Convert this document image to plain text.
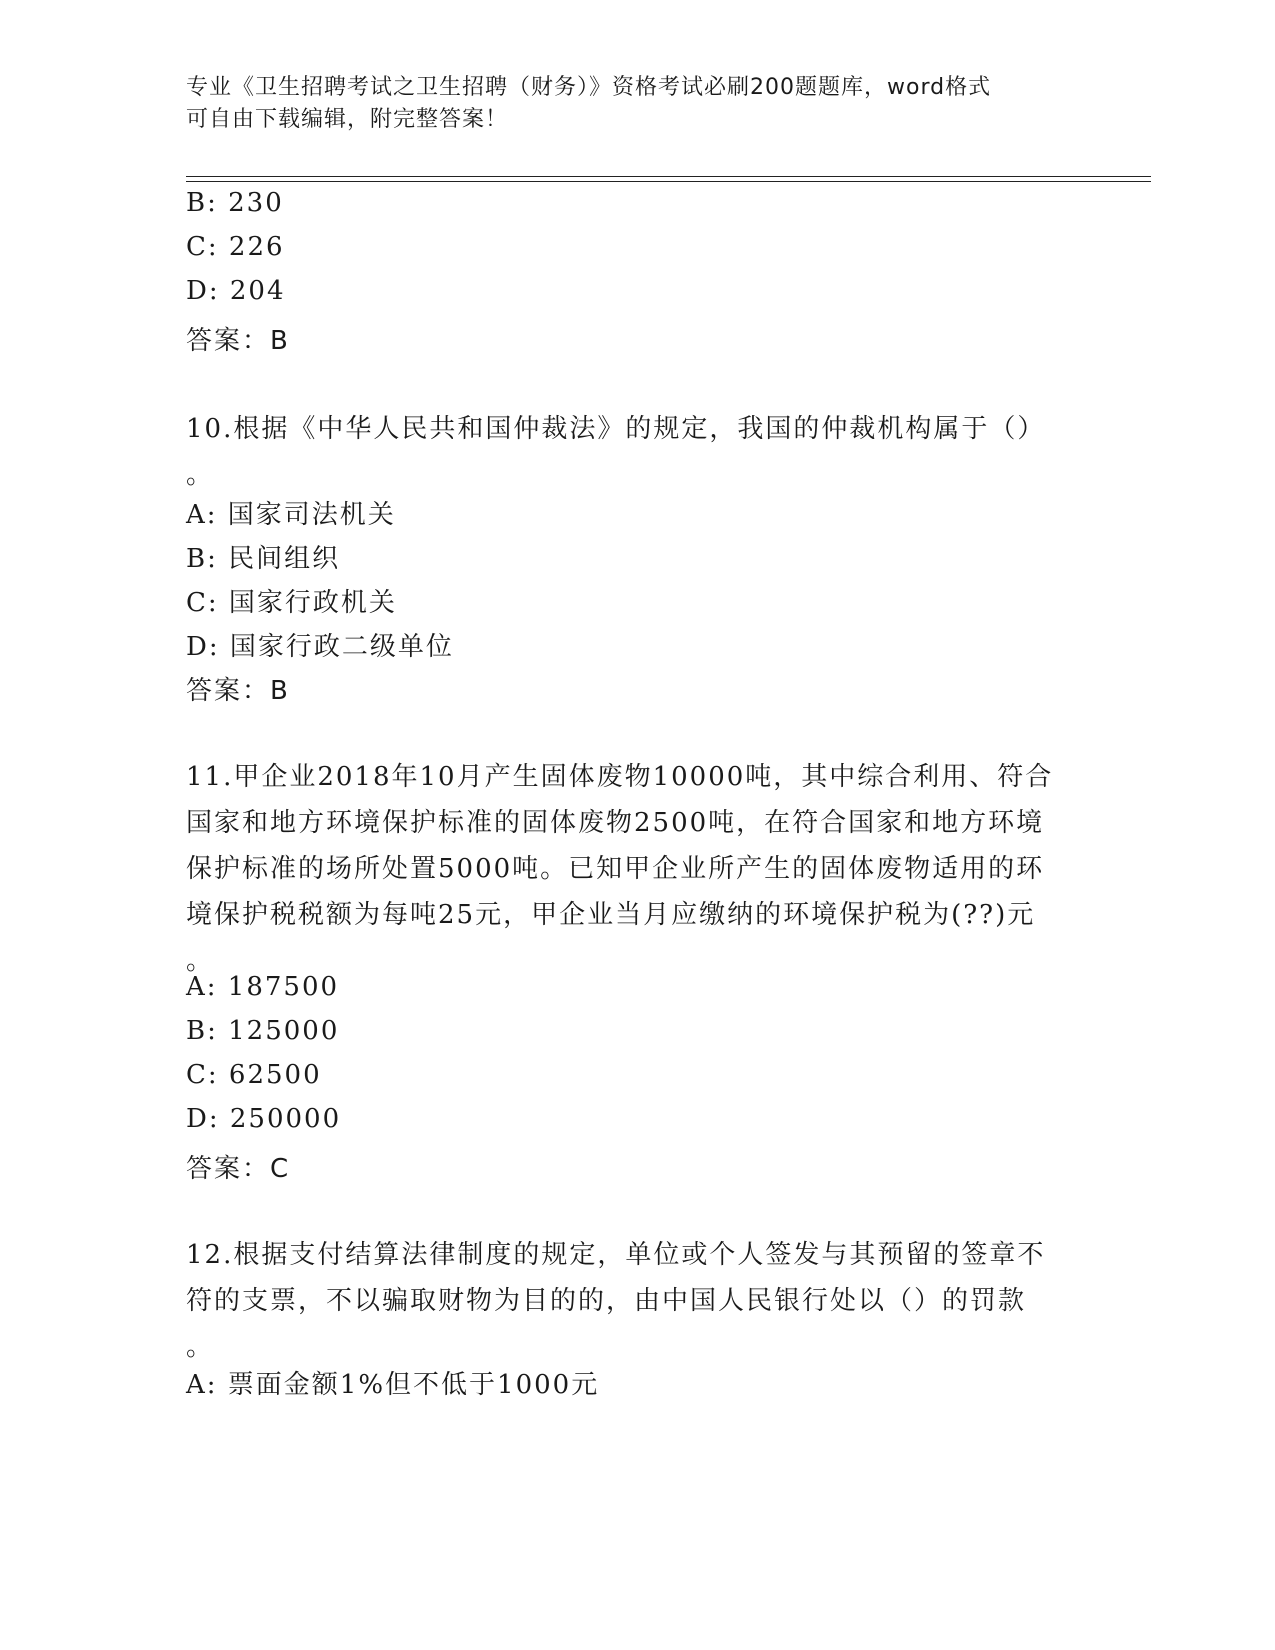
专业《卫生招聘考试之卫生招聘（财务）》资格考试必刷200题题库，word格式
可自由下载编辑，附完整答案！
B: 230
C: 226
D: 204
答案：B
10.根据《中华人民共和国仲裁法》的规定，我国的仲裁机构属于（）
。
A: 国家司法机关
B: 民间组织
C: 国家行政机关
D: 国家行政二级单位
答案：B
11.甲企业2018年10月产生固体废物10000吨，其中综合利用、符合
国家和地方环境保护标准的固体废物2500吨，在符合国家和地方环境
保护标准的场所处置5000吨。已知甲企业所产生的固体废物适用的环
境保护税税额为每吨25元，甲企业当月应缴纳的环境保护税为(??)元
。
A: 187500
B: 125000
C: 62500
D: 250000
答案：C
12.根据支付结算法律制度的规定，单位或个人签发与其预留的签章不
符的支票，不以骗取财物为目的的，由中国人民银行处以（）的罚款
。
A: 票面金额1%但不低于1000元
